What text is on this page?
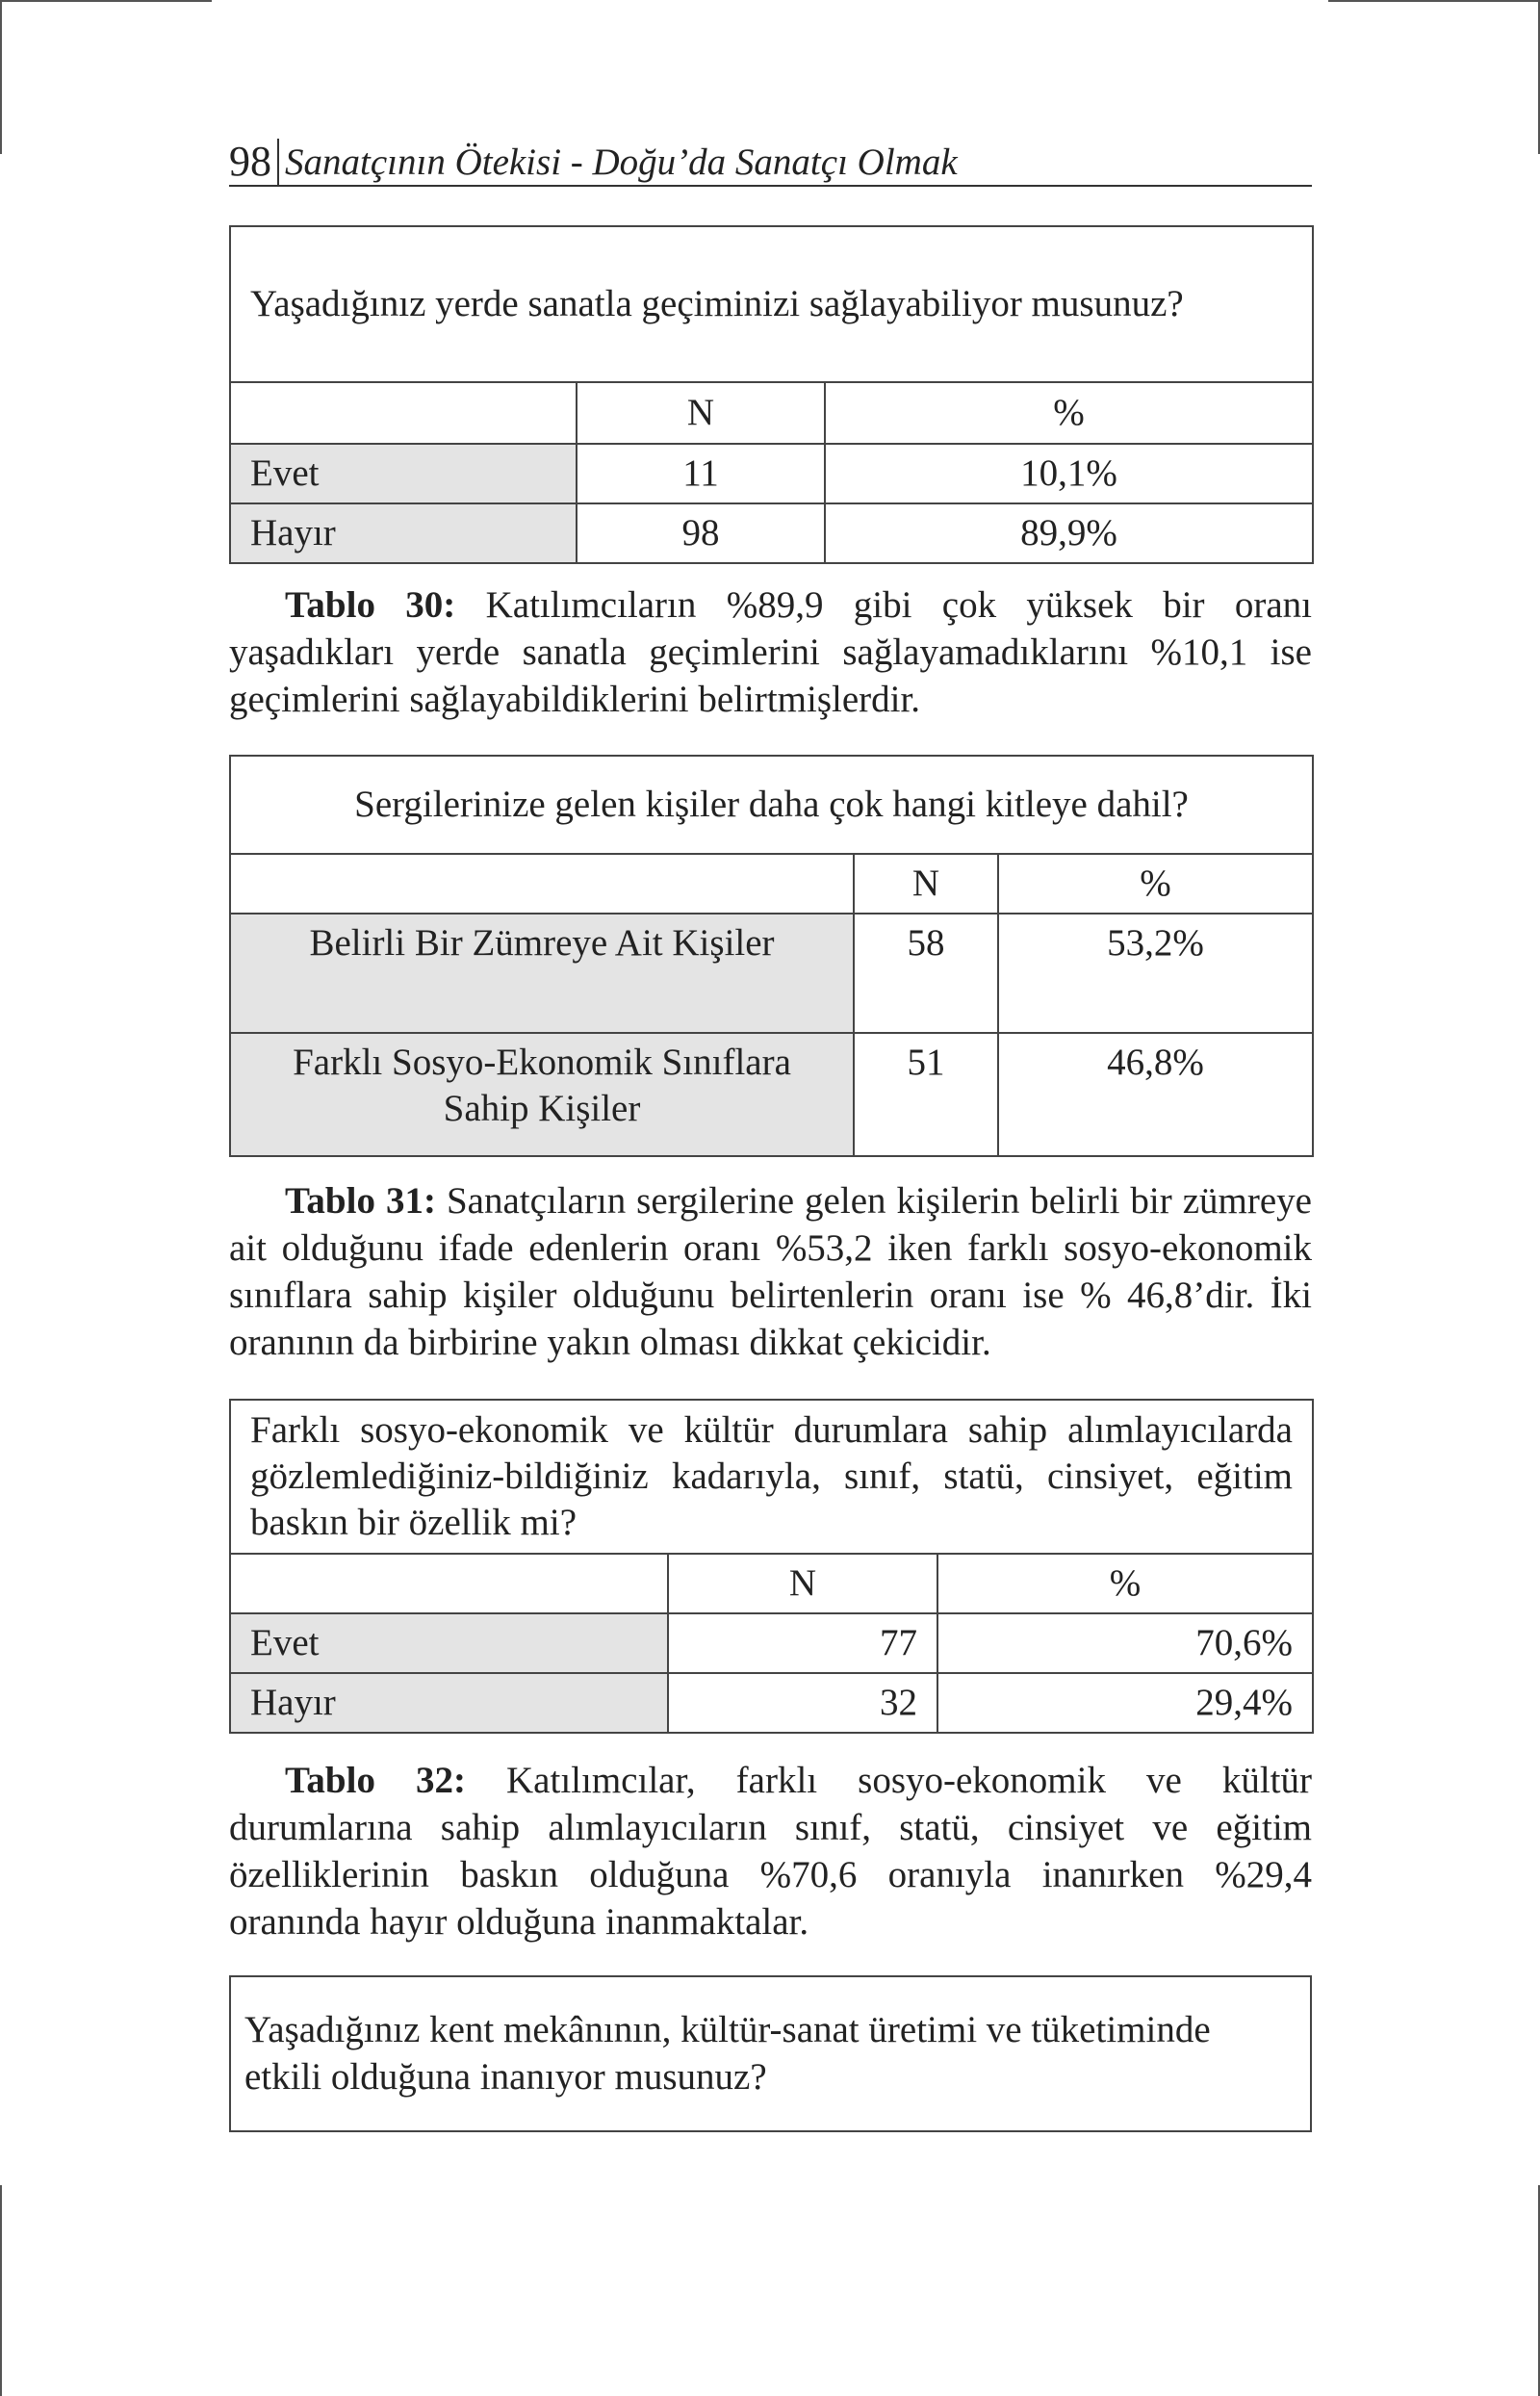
98 Sanatçının Ötekisi - Doğu’da Sanatçı Olmak
Yaşadığınız yerde sanatla geçiminizi sağlayabiliyor musunuz?		
	N	%
Evet	11	10,1%
Hayır	98	89,9%
Tablo 30: Katılımcıların %89,9 gibi çok yüksek bir oranı yaşadıkları yerde sanatla geçimlerini sağlayamadıklarını %10,1 ise geçimlerini sağlayabildiklerini belirtmişlerdir.
Sergilerinize gelen kişiler daha çok hangi kitleye dahil?		
	N	%
Belirli Bir Zümreye Ait Kişiler	58	53,2%
Farklı Sosyo-Ekonomik Sınıflara Sahip Kişiler	51	46,8%
Tablo 31: Sanatçıların sergilerine gelen kişilerin belirli bir zümreye ait olduğunu ifade edenlerin oranı %53,2 iken farklı sosyo-ekonomik sınıflara sahip kişiler olduğunu belirtenlerin oranı ise % 46,8’dir. İki oranının da birbirine yakın olması dikkat çekicidir.
Farklı sosyo-ekonomik ve kültür durumlara sahip alımlayıcılarda gözlemlediğiniz-bildiğiniz kadarıyla, sınıf, statü, cinsiyet, eğitim baskın bir özellik mi?		
	N	%
Evet	77	70,6%
Hayır	32	29,4%
Tablo 32: Katılımcılar, farklı sosyo-ekonomik ve kültür durumlarına sahip alımlayıcıların sınıf, statü, cinsiyet ve eğitim özelliklerinin baskın olduğuna %70,6 oranıyla inanırken %29,4 oranında hayır olduğuna inanmaktalar.
Yaşadığınız kent mekânının, kültür-sanat üretimi ve tüketiminde etkili olduğuna inanıyor musunuz?
